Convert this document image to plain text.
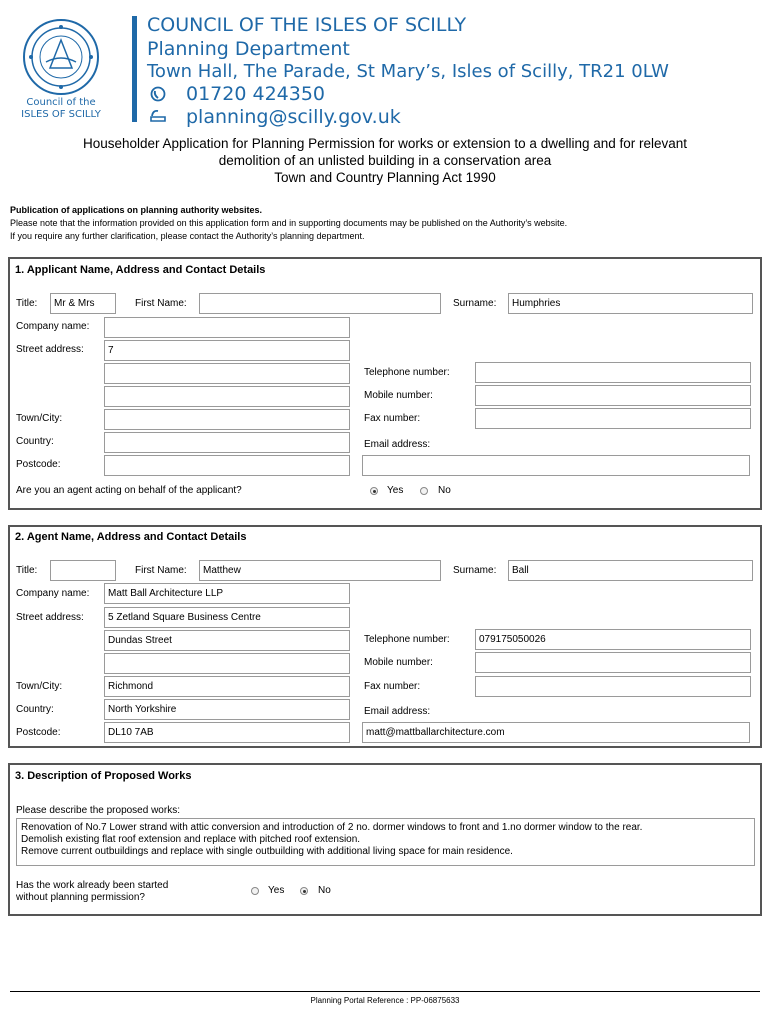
Council of the
ISLES OF SCILLY
COUNCIL OF THE ISLES OF SCILLY
Planning Department
Town Hall, The Parade, St Mary’s, Isles of Scilly, TR21 0LW
01720 424350
planning@scilly.gov.uk
Householder Application for Planning Permission for works or extension to a dwelling and for relevant
demolition of an unlisted building in a conservation area
Town and Country Planning Act 1990
Publication of applications on planning authority websites.
Please note that the information provided on this application form and in supporting documents may be published on the Authority’s website.
If you require any further clarification, please contact the Authority’s planning department.
1. Applicant Name, Address and Contact Details
Title:	Mr & Mrs	First Name:	Surname:	Humphries
Company name:
Street address:	7
Town/City:
Country:
Postcode:
Telephone number:
Mobile number:
Fax number:
Email address:
Are you an agent acting on behalf of the applicant?	Yes	No
2. Agent Name, Address and Contact Details
Title:	First Name:	Matthew	Surname:	Ball
Company name:	Matt Ball Architecture LLP
Street address:	5 Zetland Square Business Centre
Dundas Street
Town/City:	Richmond
Country:	North Yorkshire
Postcode:	DL10 7AB
Telephone number:	079175050026
Mobile number:
Fax number:
Email address:
matt@mattballarchitecture.com
3. Description of Proposed Works
Please describe the proposed works:
Renovation of No.7 Lower strand with attic conversion and introduction of 2 no. dormer windows to front and 1.no dormer window to the rear.
Demolish existing flat roof extension and replace with pitched roof extension.
Remove current outbuildings and replace with single outbuilding with additional living space for main residence.
Has the work already been started
without planning permission?
Yes	No
Planning Portal Reference : PP-06875633
